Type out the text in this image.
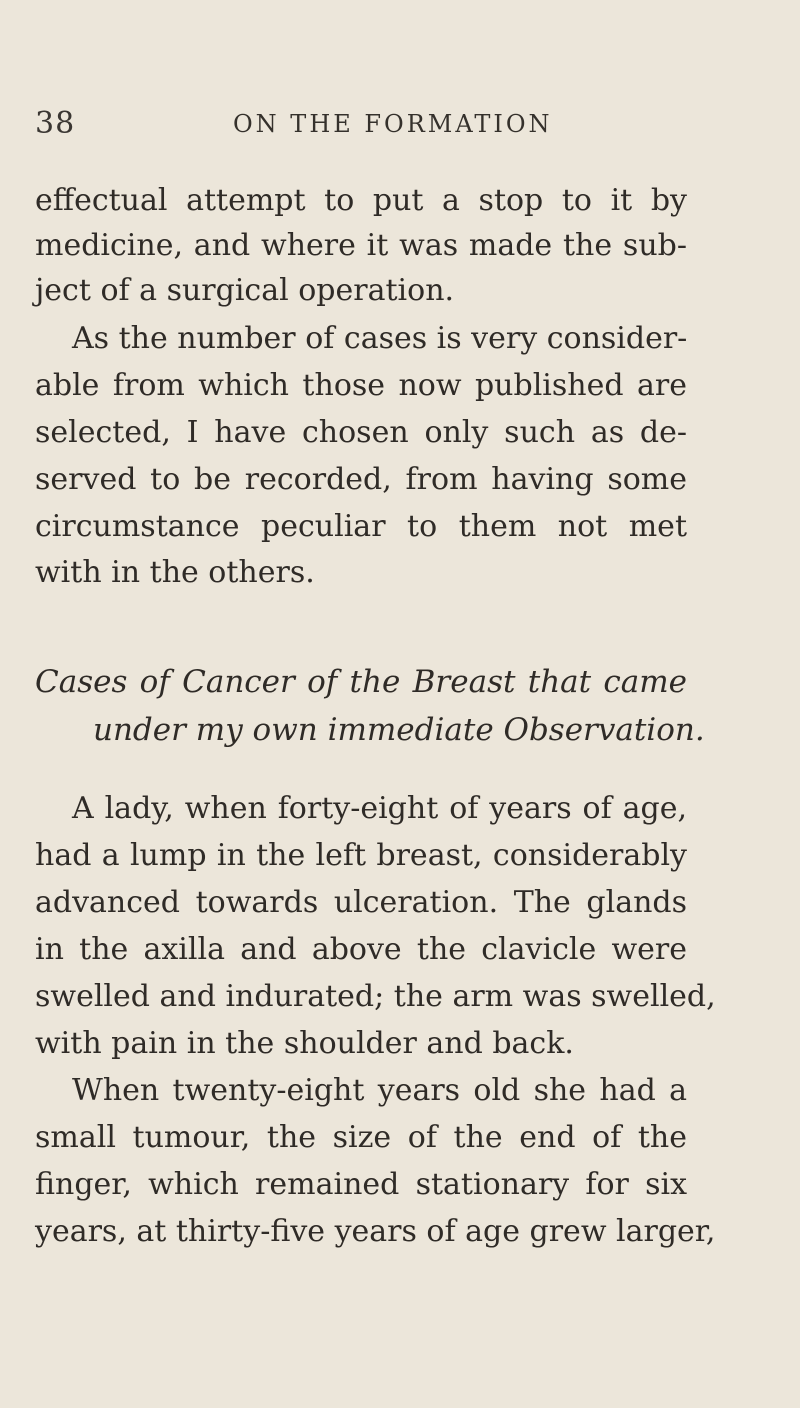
38	ON THE FORMATION
effectual attempt to put a stop to it by
medicine, and where it was made the sub-
ject of a surgical operation.
As the number of cases is very consider-
able from which those now published are
selected, I have chosen only such as de-
served to be recorded, from having some
circumstance peculiar to them not met
with in the others.
Cases of Cancer of the Breast that came
under my own immediate Observation.
A lady, when forty-eight of years of age,
had a lump in the left breast, considerably
advanced towards ulceration. The glands
in the axilla and above the clavicle were
swelled and indurated; the arm was swelled,
with pain in the shoulder and back.
When twenty-eight years old she had a
small tumour, the size of the end of the
finger, which remained stationary for six
years, at thirty-five years of age grew larger,
